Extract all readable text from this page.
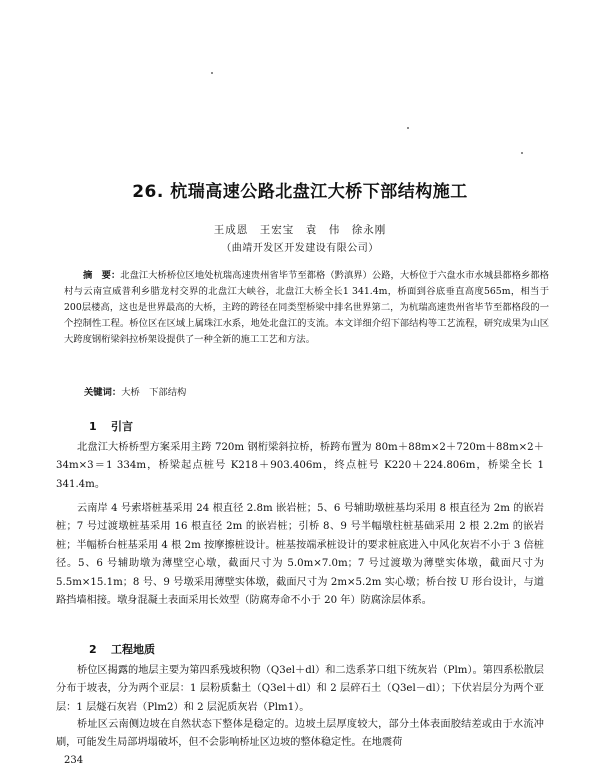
26. 杭瑞高速公路北盘江大桥下部结构施工
王成恩　王宏宝　袁　伟　徐永刚
（曲靖开发区开发建设有限公司）

摘　要：北盘江大桥桥位区地处杭瑞高速贵州省毕节至都格（黔滇界）公路，大桥位于六盘水市水城县都格乡都格村与云南宣威普利乡腊龙村交界的北盘江大峡谷，北盘江大桥全长1 341.4m，桥面到谷底垂直高度565m，相当于200层楼高，这也是世界最高的大桥，主跨的跨径在同类型桥梁中排名世界第二，为杭瑞高速贵州省毕节至都格段的一个控制性工程。桥位区在区域上属珠江水系，地处北盘江的支流。本文详细介绍下部结构等工艺流程，研究成果为山区大跨度钢桁梁斜拉桥架设提供了一种全新的施工工艺和方法。

关键词：大桥　下部结构
1 引言

北盘江大桥桥型方案采用主跨 720m 钢桁梁斜拉桥，桥跨布置为 80m＋88m×2＋720m＋88m×2＋34m×3＝1 334m，桥梁起点桩号 K218＋903.406m，终点桩号 K220＋224.806m，桥梁全长 1 341.4m。

云南岸 4 号索塔桩基采用 24 根直径 2.8m 嵌岩桩；5、6 号辅助墩桩基均采用 8 根直径为 2m 的嵌岩桩；7 号过渡墩桩基采用 16 根直径 2m 的嵌岩桩；引桥 8、9 号半幅墩柱桩基础采用 2 根 2.2m 的嵌岩桩；半幅桥台桩基采用 4 根 2m 按摩擦桩设计。桩基按端承桩设计的要求桩底进入中风化灰岩不小于 3 倍桩径。5、6 号辅助墩为薄壁空心墩，截面尺寸为 5.0m×7.0m；7 号过渡墩为薄壁实体墩，截面尺寸为 5.5m×15.1m；8 号、9 号墩采用薄壁实体墩，截面尺寸为 2m×5.2m 实心墩；桥台按 U 形台设计，与道路挡墙相接。墩身混凝土表面采用长效型（防腐寿命不小于 20 年）防腐涂层体系。

2 工程地质

桥位区揭露的地层主要为第四系残坡积物（Q3el＋dl）和二迭系茅口组下统灰岩（Plm）。第四系松散层分布于坡表，分为两个亚层：1 层粉质黏土（Q3el＋dl）和 2 层碎石土（Q3el－dl）；下伏岩层分为两个亚层：1 层燧石灰岩（Plm2）和 2 层泥质灰岩（Plm1）。

桥址区云南侧边坡在自然状态下整体是稳定的。边坡土层厚度较大，部分土体表面胶结差或由于水流冲刷，可能发生局部坍塌破坏，但不会影响桥址区边坡的整体稳定性。在地震荷

234
